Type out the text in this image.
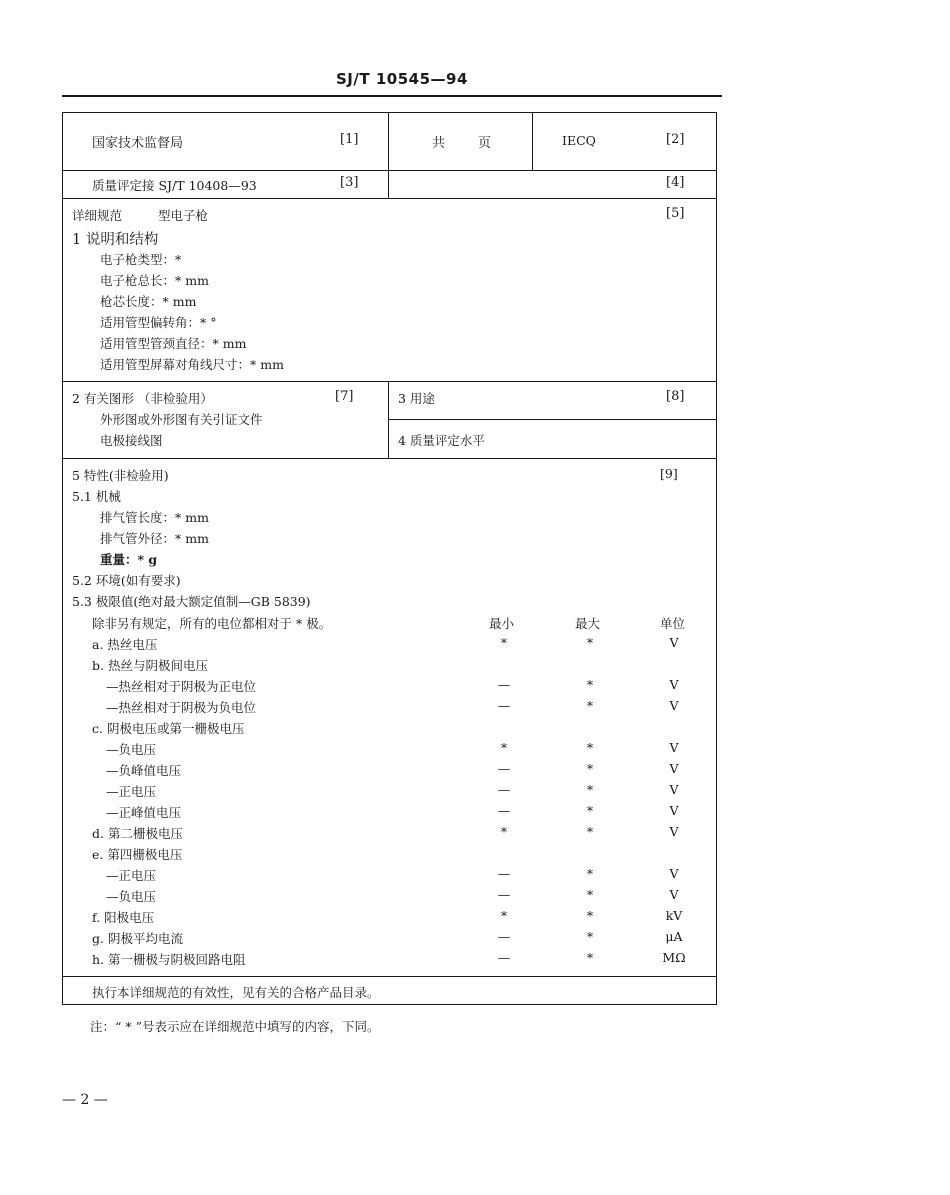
SJ/T 10545—94
国家技术监督局	[1]	共	页	IECQ	[2]
质量评定接 SJ/T 10408—93	[3]	[4]
详细规范	型电子枪	[5]
1 说明和结构
电子枪类型：*
电子枪总长：* mm
枪芯长度：* mm
适用管型偏转角：* °
适用管型管颈直径：* mm
适用管型屏幕对角线尺寸：* mm
2 有关图形 （非检验用）	[7]
外形图或外形图有关引证文件
电极接线图
3 用途	[8]
4 质量评定水平
5 特性(非检验用)	[9]
5.1 机械
排气管长度：* mm
排气管外径：* mm
重量：* g
5.2 环境(如有要求)
5.3 极限值(绝对最大额定值制—GB 5839)
除非另有规定，所有的电位都相对于 * 极。	最小	最大	单位
a. 热丝电压	*	*	V
b. 热丝与阴极间电压
—热丝相对于阴极为正电位	—	*	V
—热丝相对于阴极为负电位	—	*	V
c. 阴极电压或第一栅极电压
—负电压	*	*	V
—负峰值电压	—	*	V
—正电压	—	*	V
—正峰值电压	—	*	V
d. 第二栅极电压	*	*	V
e. 第四栅极电压
—正电压	—	*	V
—负电压	—	*	V
f. 阳极电压	*	*	kV
g. 阴极平均电流	—	*	μA
h. 第一栅极与阴极回路电阻	—	*	MΩ
执行本详细规范的有效性，见有关的合格产品目录。
注：“ * ”号表示应在详细规范中填写的内容，下同。
— 2 —
